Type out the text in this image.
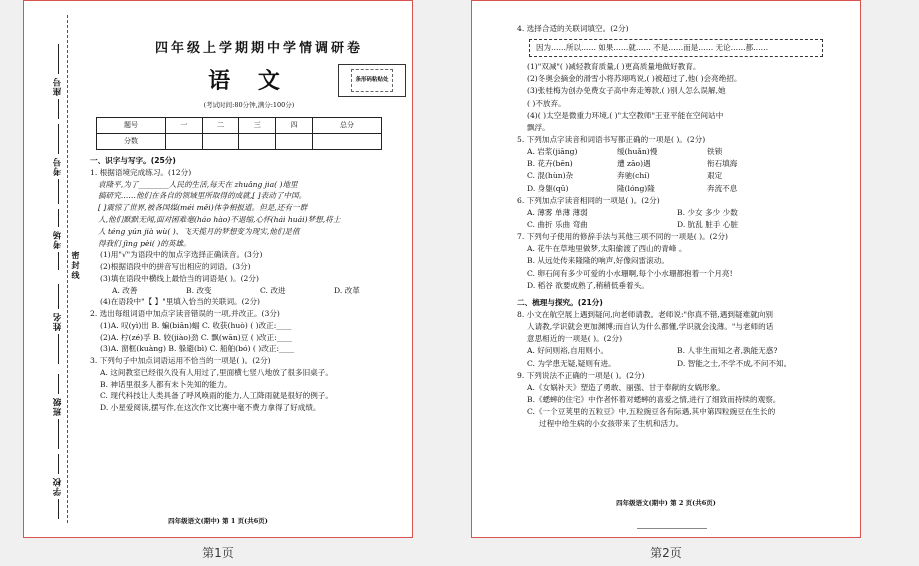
座号
考号
考场
姓名
班级
学校
密封线
四年级上学期期中学情调研卷
语 文
(考试时间:80分钟,满分:100分)
条形码粘贴处
题号	一	二	三	四	总分
分数					
一、识字与写字。(25分)
1. 根据语境完成练习。(12分)
袁隆平,为了________人民的生活,每天在 zhuǎng jia( )地里
搞研究……他们在各自的领域里所取得的成就,[ ]表动了中国。
[ ]震惊了世界,被各国媒(méi měi)体争相报道。但是,还有一群
人,他们默默无闻,面对困难毫(háo hào)不退缩,心怀(hái huái)梦想,将士
人 téng yún jià wù( )、飞天揽月的梦想变为现实,他们是值
得我们 jìng pèi( )的英雄。
(1)用"√"为语段中的加点字选择正确读音。(3分)
(2)根据语段中的拼音写出相应的词语。(3分)
(3)填在语段中横线上最恰当的词语是( )。(2分)
A. 改善	B. 改变	C. 改进	D. 改革
(4)在语段中"【 】"里填入恰当的关联词。(2分)
2. 选出每组词语中加点字读音错误的一项,并改正。(3分)
(1)A. 叹(yì)出 B. 蝙(biān)蝠 C. 收获(huò) ( )改正:____
(2)A. 柠(zé)孚 B. 较(jiào)劲 C. 飘(wān)豆 ( )改正:____
(3)A. 窗框(kuàng) B. 躲避(bì) C. 船舶(bó) ( )改正:____
3. 下列句子中加点词语运用不恰当的一项是( )。(2分)
A. 这间教室已经很久没有人用过了,里面横七竖八地放了很多旧桌子。
B. 神话里很多人都有未卜先知的能力。
C. 现代科技让人类具备了呼风唤雨的能力,人工降雨就是很好的例子。
D. 小星爱阅读,摆写作,在这次作文比赛中毫不费力拿得了好成绩。
四年级语文(期中) 第 1 页(共6页)
第1页
4. 选择合适的关联词填空。(2分)
因为……所以…… 如果……就…… 不是……而是…… 无论……都……
(1)"双减"( )减轻教育质量,( )更高质量地做好教育。
(2)冬奥会摘金的滑雪小将苏翊鸣说,( )被超过了,他( )会亮绝招。
(3)张桂梅为创办免费女子高中奔走筹款,( )别人怎么误解,她
( )不放弃。
(4)( )太空是微重力环境,( )"太空教师"王亚平能在空间站中
飘浮。
5. 下列加点字读音和词语书写都正确的一项是( )。(2分)
A. 岩浆(jiāng)	缓(huǎn)慢	铁锁
B. 花卉(bēn)	遭 zāo)遇	衔石填海
C. 混(hùn)杂	奔驰(chí)	艰定
D. 身躯(qū)	隆(lóng)隆	奔流不息
6. 下列加点字读音相同的一项是( )。(2分)
A. 薄雾 单薄 薄弱	B. 少女 多少 少数
C. 曲折 乐曲 弯曲	D. 肮乱 脏手 心脏
7. 下列句子使用的修辞手法与其他三项不同的一项是( )。(2分)
A. 花牛在草地里做梦,太阳偷渡了西山的青峰 。
B. 从远处传来隆隆的响声,好像闷雷滚动。
C. 卵石间有多少可爱的小水珊啊,每个小水珊都抱着一个月亮!
D. 稻谷 欲要成熟了,稍稍低垂着头。
二、梳理与探究。(21分)
8. 小文在航空展上遇到疑问,向老师请教。老师说:"你真不错,遇到疑难就向别
人请教,学识就会更加渊博;而自认为什么都懂,学识就会浅薄。"与老师的话
意思相近的一项是( )。(2分)
A. 好问则裕,自用则小。	B. 人非生而知之者,孰能无惑?
C. 为学患无疑,疑则有进。	D. 智能之士,不学不成,不问不知。
9. 下列说法不正确的一项是( )。(2分)
A.《女娲补天》塑造了勇敢、丽强、甘于奉献的女娲形象。
B.《蟋蟀的住宅》中作者怀着对蟋蟀的喜爱之情,进行了细致而持续的观察。
C.《一个豆荚里的五粒豆》中,五粒豌豆各有际遇,其中第四粒豌豆在生长的
过程中给生病的小女孩带来了生机和活力。
四年级语文(期中) 第 2 页(共6页)
第2页
